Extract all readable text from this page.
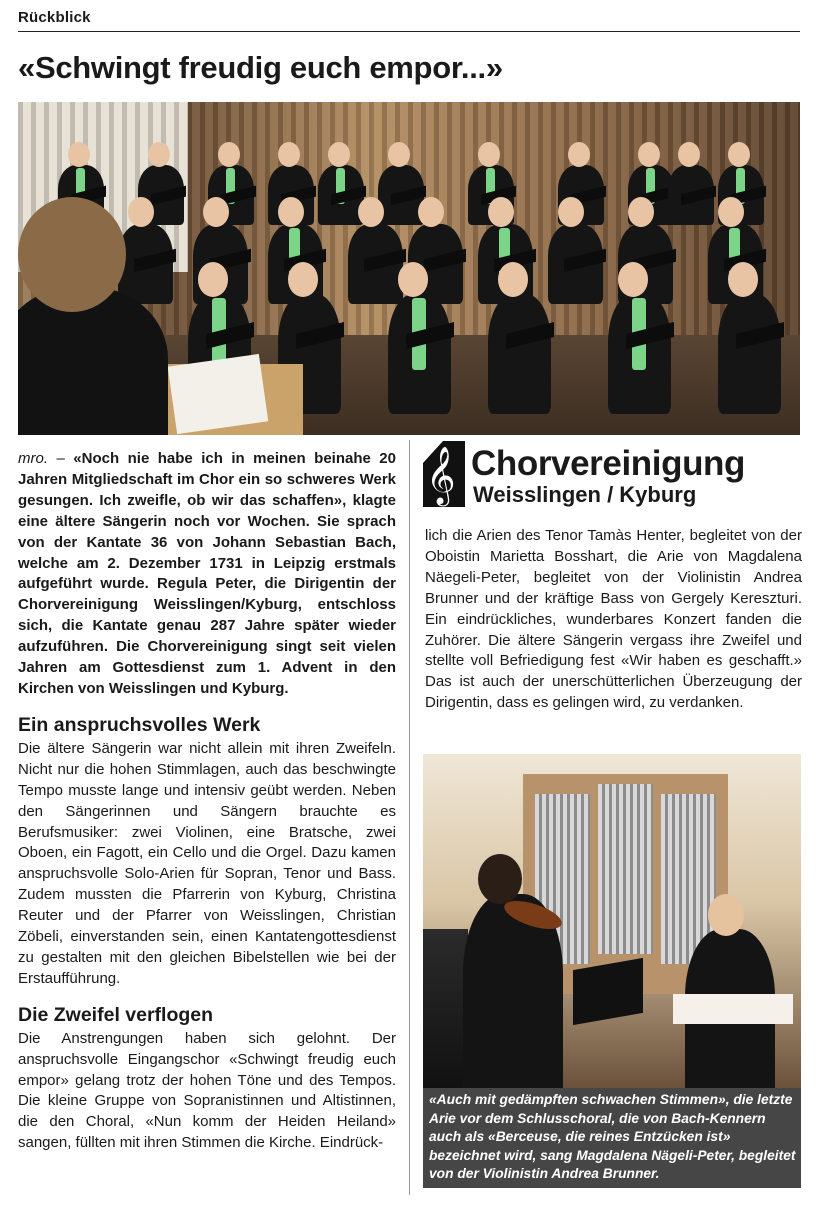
Rückblick
«Schwingt freudig euch empor...»

mro. – «Noch nie habe ich in meinen beinahe 20 Jahren Mitgliedschaft im Chor ein so schweres Werk gesungen. Ich zweifle, ob wir das schaffen», klagte eine ältere Sängerin noch vor Wochen. Sie sprach von der Kantate 36 von Johann Sebastian Bach, welche am 2. Dezember 1731 in Leipzig erstmals aufgeführt wurde. Regula Peter, die Dirigentin der Chorvereinigung Weisslingen/Kyburg, entschloss sich, die Kantate genau 287 Jahre später wieder aufzuführen. Die Chorvereinigung singt seit vielen Jahren am Gottesdienst zum 1. Advent in den Kirchen von Weisslingen und Kyburg.

Ein anspruchsvolles Werk

Die ältere Sängerin war nicht allein mit ihren Zweifeln. Nicht nur die hohen Stimmlagen, auch das beschwingte Tempo musste lange und intensiv geübt werden. Neben den Sängerinnen und Sängern brauchte es Berufsmusiker: zwei Violinen, eine Bratsche, zwei Oboen, ein Fagott, ein Cello und die Orgel. Dazu kamen anspruchsvolle Solo-Arien für Sopran, Tenor und Bass. Zudem mussten die Pfarrerin von Kyburg, Christina Reuter und der Pfarrer von Weisslingen, Christian Zöbeli, einverstanden sein, einen Kantatengottesdienst zu gestalten mit den gleichen Bibelstellen wie bei der Erstaufführung.

Die Zweifel verflogen

Die Anstrengungen haben sich gelohnt. Der anspruchsvolle Eingangschor «Schwingt freudig euch empor» gelang trotz der hohen Töne und des Tempos. Die kleine Gruppe von Sopranistinnen und Altistinnen, die den Choral, «Nun komm der Heiden Heiland» sangen, füllten mit ihren Stimmen die Kirche. Eindrück-

𝄞 Chorvereinigung
Weisslingen / Kyburg

lich die Arien des Tenor Tamàs Henter, begleitet von der Oboistin Marietta Bosshart, die Arie von Magdalena Näegeli-Peter, begleitet von der Violinistin Andrea Brunner und der kräftige Bass von Gergely Kereszturi. Ein eindrückliches, wunderbares Konzert fanden die Zuhörer. Die ältere Sängerin vergass ihre Zweifel und stellte voll Befriedigung fest «Wir haben es geschafft.» Das ist auch der unerschütterlichen Überzeugung der Dirigentin, dass es gelingen wird, zu verdanken.

«Auch mit gedämpften schwachen Stimmen», die letzte Arie vor dem Schlusschoral, die von Bach-Kennern auch als «Berceuse, die reines Entzücken ist» bezeichnet wird, sang Magdalena Nägeli-Peter, begleitet von der Violinistin Andrea Brunner.
